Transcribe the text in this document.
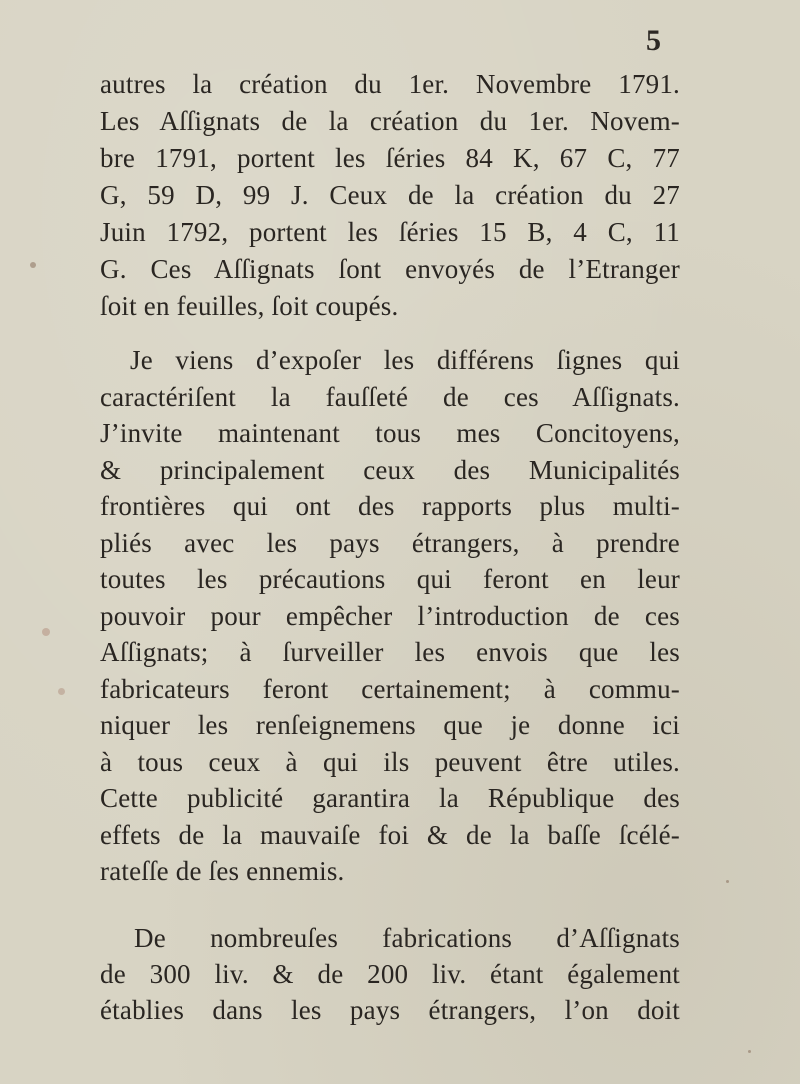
5
autres la création du 1er. Novembre 1791.
Les Aſſignats de la création du 1er. Novem-
bre 1791, portent les ſéries 84 K, 67 C, 77
G, 59 D, 99 J. Ceux de la création du 27
Juin 1792, portent les ſéries 15 B, 4 C, 11
G. Ces Aſſignats ſont envoyés de l’Etranger
ſoit en feuilles, ſoit coupés.
Je viens d’expoſer les différens ſignes qui
caractériſent la fauſſeté de ces Aſſignats.
J’invite maintenant tous mes Concitoyens,
& principalement ceux des Municipalités
frontières qui ont des rapports plus multi-
pliés avec les pays étrangers, à prendre
toutes les précautions qui feront en leur
pouvoir pour empêcher l’introduction de ces
Aſſignats; à ſurveiller les envois que les
fabricateurs feront certainement; à commu-
niquer les renſeignemens que je donne ici
à tous ceux à qui ils peuvent être utiles.
Cette publicité garantira la République des
effets de la mauvaiſe foi & de la baſſe ſcélé-
rateſſe de ſes ennemis.
De nombreuſes fabrications d’Aſſignats
de 300 liv. & de 200 liv. étant également
établies dans les pays étrangers, l’on doit
